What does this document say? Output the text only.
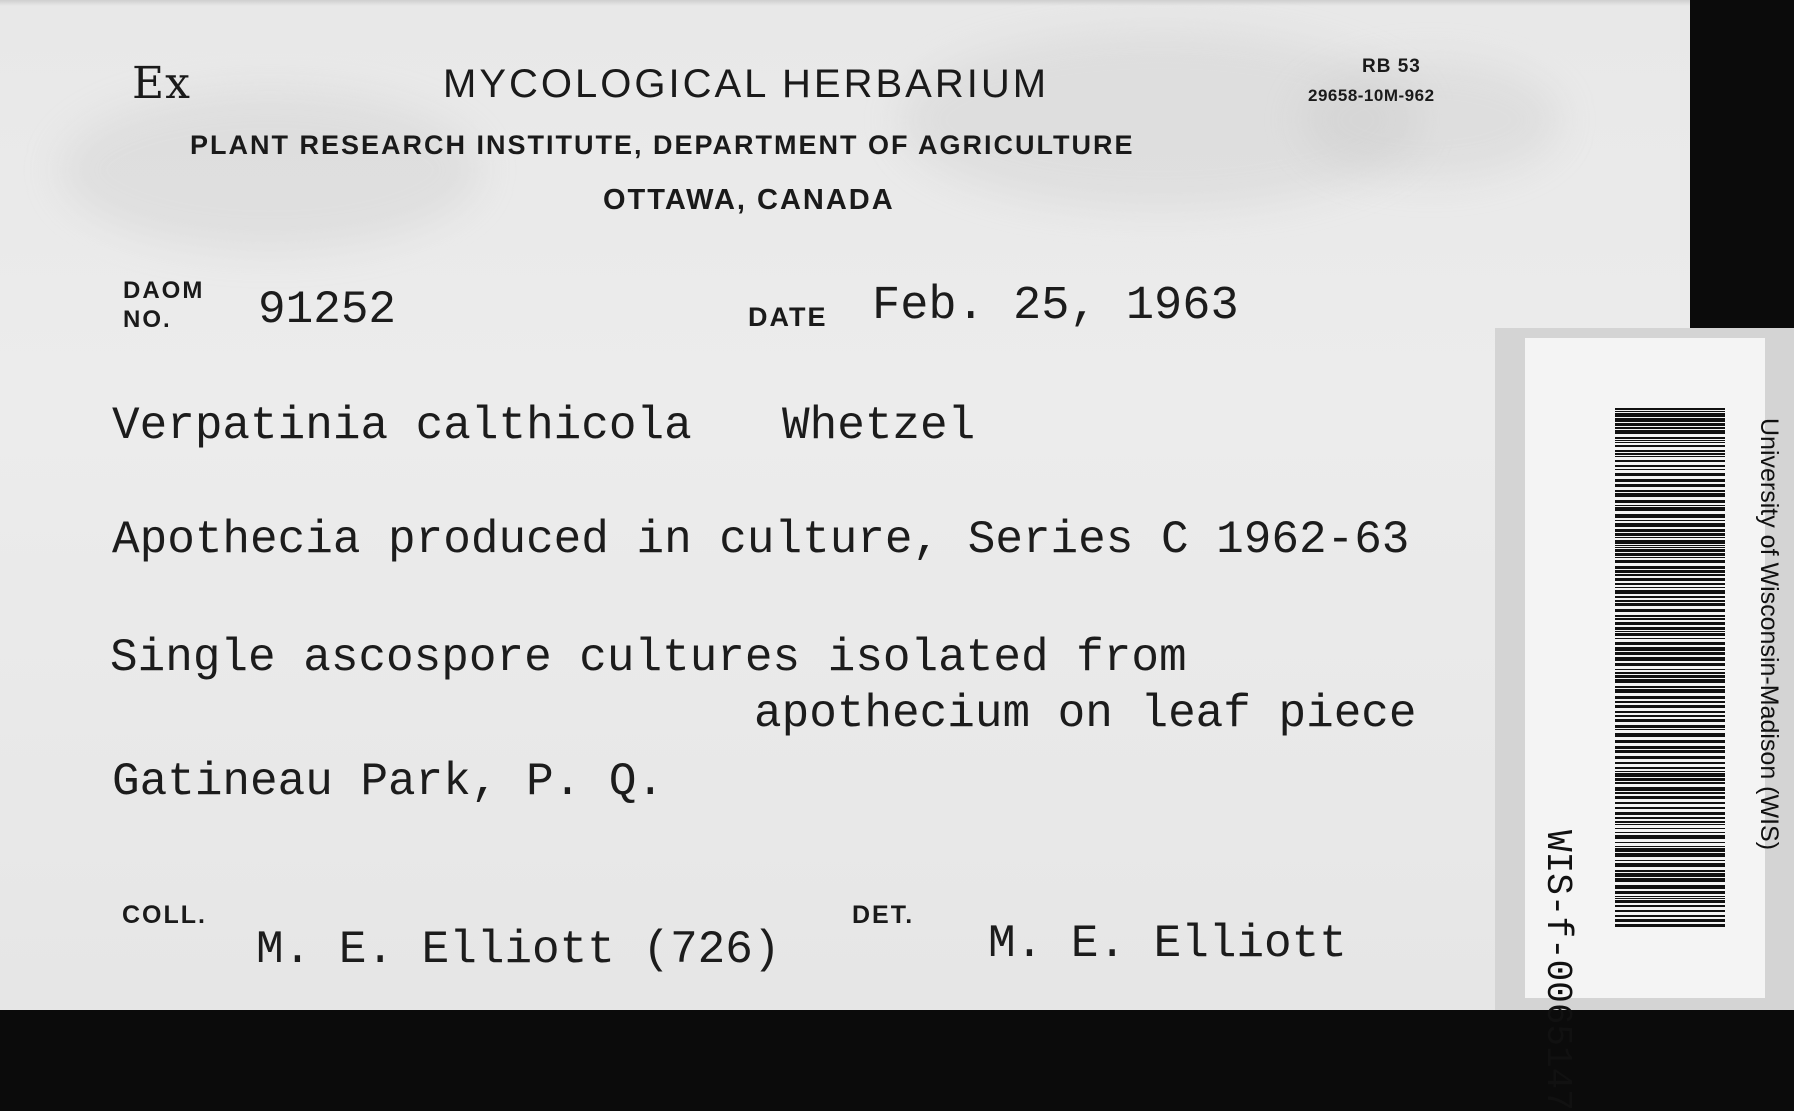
Ex	MYCOLOGICAL HERBARIUM	RB 53
29658-10M-962
PLANT RESEARCH INSTITUTE, DEPARTMENT OF AGRICULTURE
OTTAWA, CANADA
DAOM
NO. 91252	DATE Feb. 25, 1963
Verpatinia calthicola Whetzel
Apothecia produced in culture, Series C 1962-63
Single ascospore cultures isolated from
apothecium on leaf piece
Gatineau Park, P. Q.
COLL.
M. E. Elliott (726)
DET.
M. E. Elliott	WIS-f-0065147
University of Wisconsin-Madison (WIS)
